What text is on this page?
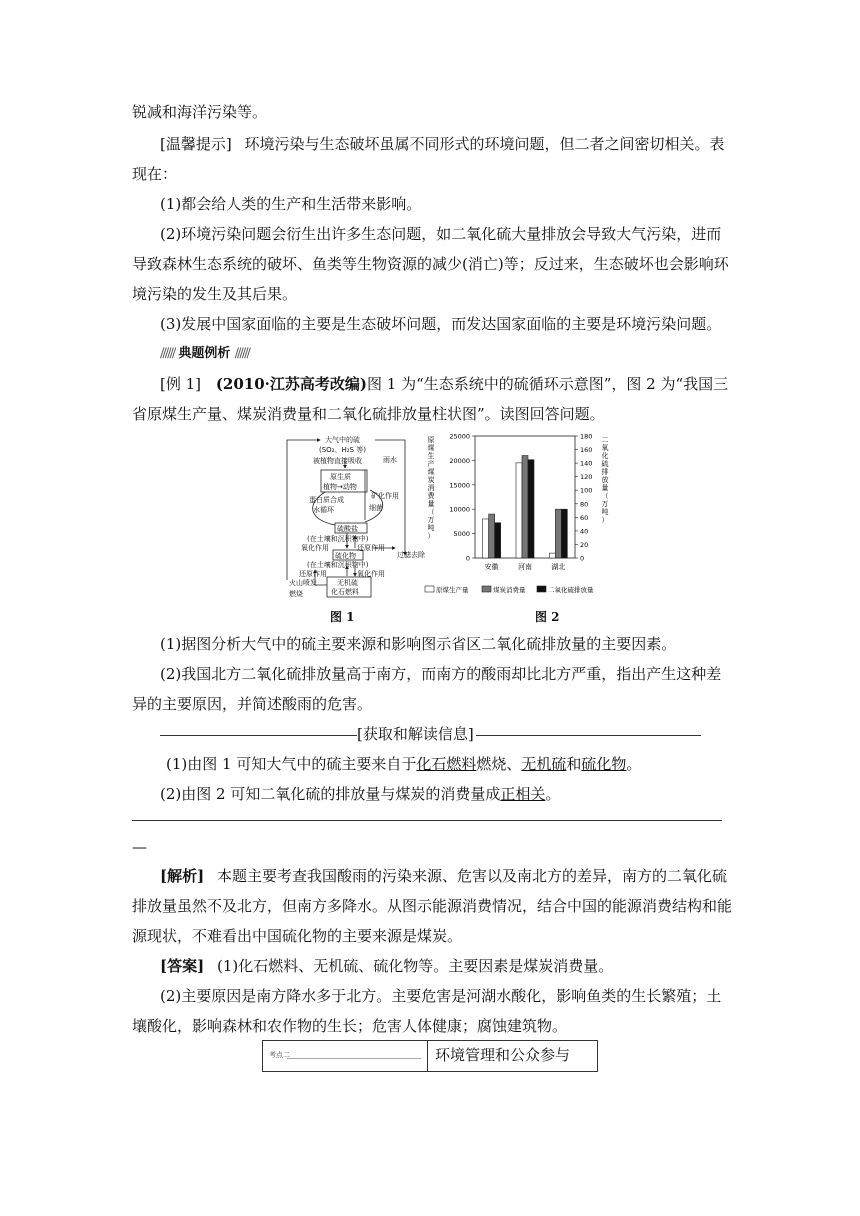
锐减和海洋污染等。
[温馨提示] 环境污染与生态破坏虽属不同形式的环境问题，但二者之间密切相关。表
现在：
(1)都会给人类的生产和生活带来影响。
(2)环境污染问题会衍生出许多生态问题，如二氧化硫大量排放会导致大气污染，进而
导致森林生态系统的破坏、鱼类等生物资源的减少(消亡)等；反过来，生态破坏也会影响环
境污染的发生及其后果。
(3)发展中国家面临的主要是生态破坏问题，而发达国家面临的主要是环境污染问题。
////// 典题例析 //////
[例 1] (2010·江苏高考改编)图 1 为“生态系统中的硫循环示意图”，图 2 为“我国三
省原煤生产量、煤炭消费量和二氧化硫排放量柱状图”。读图回答问题。
大气中的硫
(SO₂、H₂S 等)
被植物直接吸收	雨水
原生质
植物→动物
矿化作用
蛋白质合成
水循环	细菌
硫酸盐
(在土壤和沉积物中)
氧化作用	还原作用
过滤去除
硫化物
(在土壤和沉积物中)
还原作用	氧化作用
火山喷发	无机硫
燃烧	化石燃料
图 1
0
5000
10000
15000
20000
25000
0
20
40
60
80
100
120
140
160
180
原
煤
生
产
煤
炭
消
费
量
（
万
吨
）
二
氧
化
硫
排
放
量
（
万
吨
）
安徽	河南	湖北
原煤生产量	煤炭消费量	二氧化硫排放量
图 2
(1)据图分析大气中的硫主要来源和影响图示省区二氧化硫排放量的主要因素。
(2)我国北方二氧化硫排放量高于南方，而南方的酸雨却比北方严重，指出产生这种差
异的主要原因，并简述酸雨的危害。
[获取和解读信息]
(1)由图 1 可知大气中的硫主要来自于化石燃料燃烧、无机硫和硫化物。
(2)由图 2 可知二氧化硫的排放量与煤炭的消费量成正相关。
—
[解析] 本题主要考查我国酸雨的污染来源、危害以及南北方的差异，南方的二氧化硫
排放量虽然不及北方，但南方多降水。从图示能源消费情况，结合中国的能源消费结构和能
源现状，不难看出中国硫化物的主要来源是煤炭。
[答案] (1)化石燃料、无机硫、硫化物等。主要因素是煤炭消费量。
(2)主要原因是南方降水多于北方。主要危害是河湖水酸化，影响鱼类的生长繁殖；土
壤酸化，影响森林和农作物的生长；危害人体健康；腐蚀建筑物。
考点二	环境管理和公众参与
